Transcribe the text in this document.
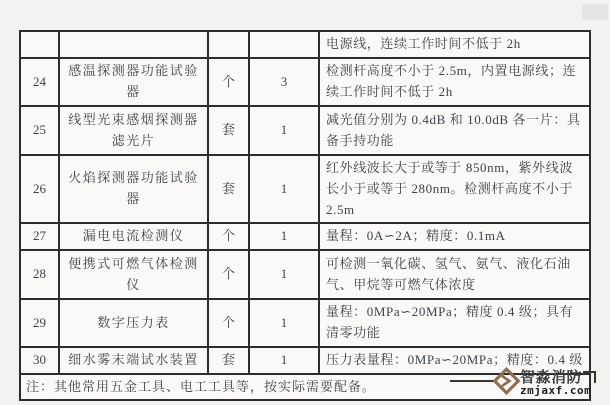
				电源线，连续工作时间不低于 2h
24	感温探测器功能试验器	个	3	检测杆高度不小于 2.5m，内置电源线；连续工作时间不低于 2h
25	线型光束感烟探测器滤光片	套	1	减光值分别为 0.4dB 和 10.0dB 各一片：具备手持功能
26	火焰探测器功能试验器	套	1	红外线波长大于或等于 850nm，紫外线波长小于或等于 280nm。检测杆高度不小于 2.5m
27	漏电电流检测仪	个	1	量程：0A∽2A；精度：0.1mA
28	便携式可燃气体检测仪	个	1	可检测一氧化碳、氢气、氨气、液化石油气、甲烷等可燃气体浓度
29	数字压力表	个	1	量程：0MPa∽20MPa；精度 0.4 级；具有清零功能
30	细水雾末端试水装置	套	1	压力表量程：0MPa∽20MPa；精度：0.4 级
注：其他常用五金工具、电工工具等，按实际需要配备。				
智淼消防
zmjaxf.com
